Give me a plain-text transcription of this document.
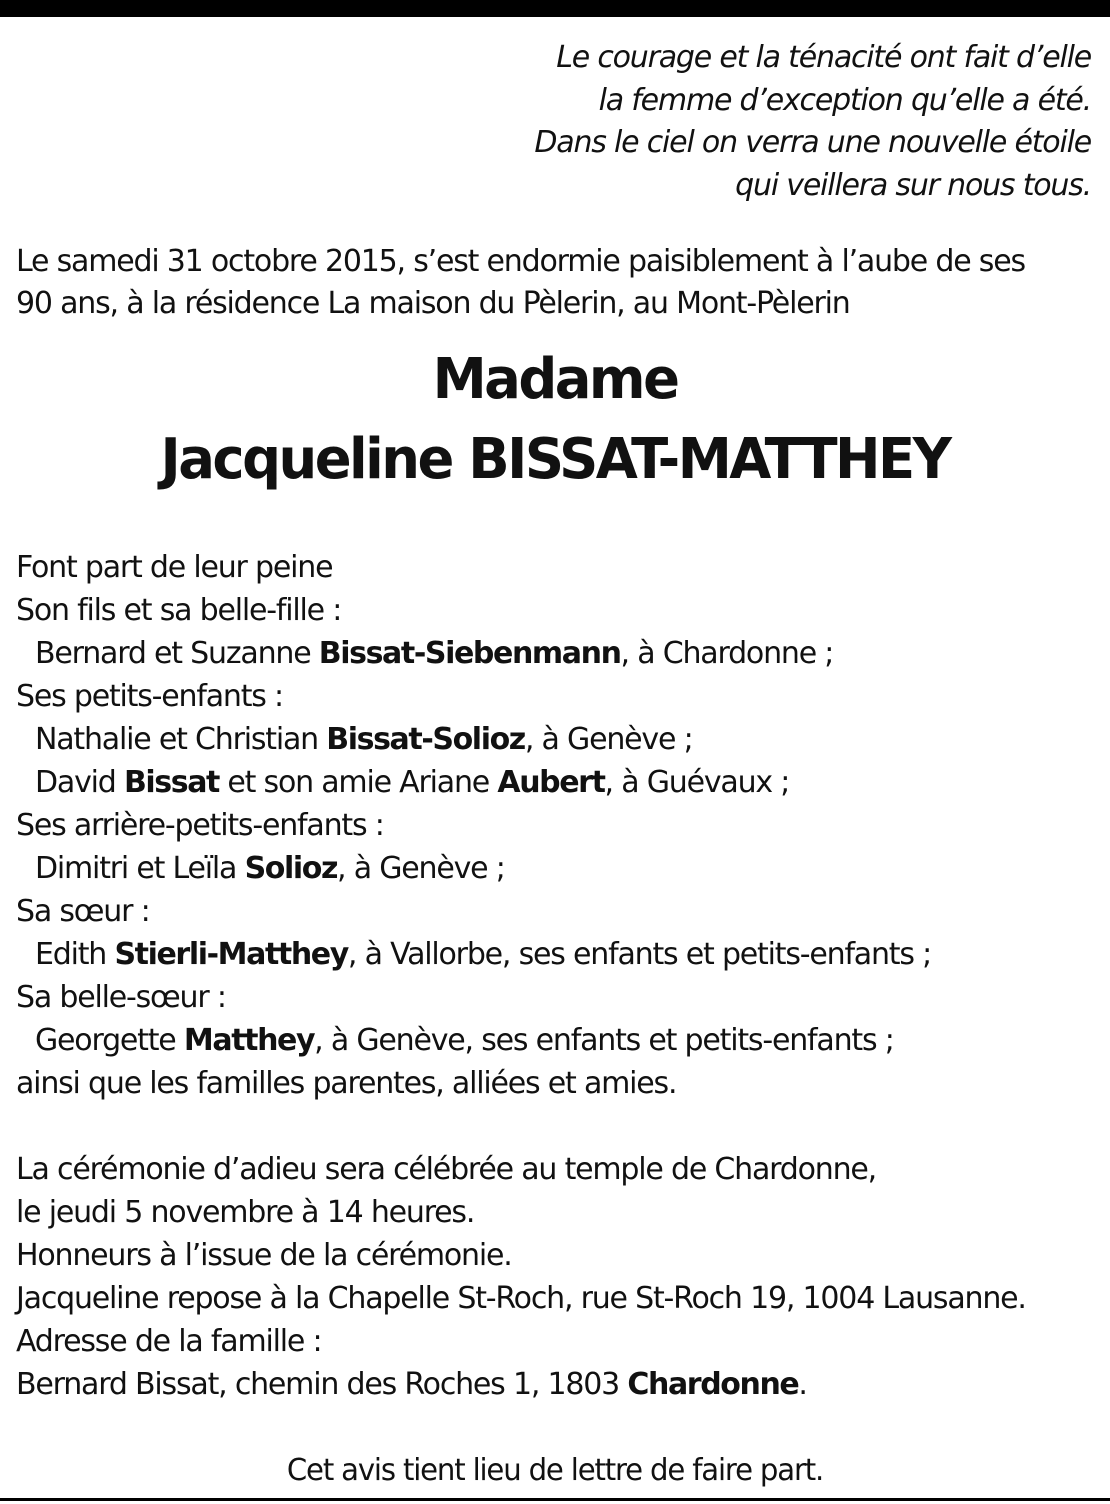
Le courage et la ténacité ont fait d’elle
la femme d’exception qu’elle a été.
Dans le ciel on verra une nouvelle étoile
qui veillera sur nous tous.
Le samedi 31 octobre 2015, s’est endormie paisiblement à l’aube de ses
90 ans, à la résidence La maison du Pèlerin, au Mont-Pèlerin
Madame
Jacqueline BISSAT-MATTHEY
Font part de leur peine
Son fils et sa belle-fille :
Bernard et Suzanne Bissat-Siebenmann, à Chardonne ;
Ses petits-enfants :
Nathalie et Christian Bissat-Solioz, à Genève ;
David Bissat et son amie Ariane Aubert, à Guévaux ;
Ses arrière-petits-enfants :
Dimitri et Leïla Solioz, à Genève ;
Sa sœur :
Edith Stierli-Matthey, à Vallorbe, ses enfants et petits-enfants ;
Sa belle-sœur :
Georgette Matthey, à Genève, ses enfants et petits-enfants ;
ainsi que les familles parentes, alliées et amies.
La cérémonie d’adieu sera célébrée au temple de Chardonne,
le jeudi 5 novembre à 14 heures.
Honneurs à l’issue de la cérémonie.
Jacqueline repose à la Chapelle St-Roch, rue St-Roch 19, 1004 Lausanne.
Adresse de la famille :
Bernard Bissat, chemin des Roches 1, 1803 Chardonne.
Cet avis tient lieu de lettre de faire part.
